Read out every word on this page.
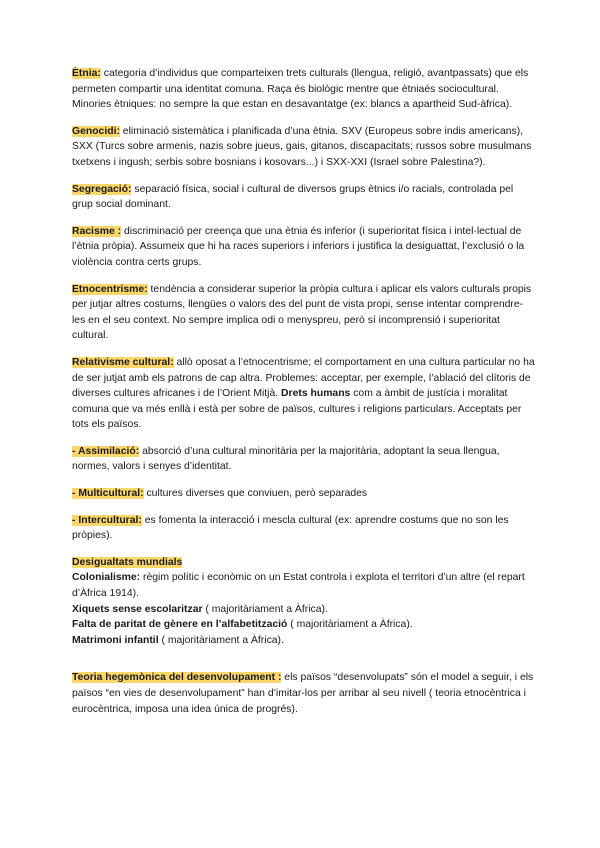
Ètnia: categoria d’individus que comparteixen trets culturals (llengua, religió, avantpassats) que els permeten compartir una identitat comuna. Raça és biològic mentre que ètniaés sociocultural.
Minories ètniques: no sempre la que estan en desavantatge (ex: blancs a apartheid Sud-àfrica).

Genocidi: eliminació sistemàtica i planificada d’una ètnia. SXV (Europeus sobre indis americans), SXX (Turcs sobre armenis, nazis sobre jueus, gais, gitanos, discapacitats; russos sobre musulmans txetxens i ingush; serbis sobre bosnians i kosovars...) i SXX-XXI (Israel sobre Palestina?).

Segregació: separació física, social i cultural de diversos grups ètnics i/o racials, controlada pel grup social dominant.

Racisme : discriminació per creença que una ètnia és inferior (i superioritat física i intel·lectual de l’ètnia pròpia). Assumeix que hi ha races superiors i inferiors i justifica la desiguattat, l’exclusió o la violència contra certs grups.

Etnocentrisme: tendència a considerar superior la pròpia cultura i aplicar els valors culturals propis per jutjar altres costums, llengües o valors des del punt de vista propi, sense intentar comprendre-les en el seu context. No sempre implica odi o menyspreu, però sí incomprensió i superioritat cultural.

Relativisme cultural: allò oposat a l’etnocentrisme; el comportament en una cultura particular no ha de ser jutjat amb els patrons de cap altra. Problemes: acceptar, per exemple, l’ablació del clítoris de diverses cultures africanes i de l’Orient Mitjà. Drets humans com a àmbit de justícia i moralitat comuna que va més enllà i està per sobre de països, cultures i religions particulars. Acceptats per tots els països.

- Assimilació: absorció d’una cultural minoritària per la majoritària, adoptant la seua llengua, normes, valors i senyes d’identitat.

- Multicultural: cultures diverses que conviuen, però separades

- Intercultural: es fomenta la interacció i mescla cultural (ex: aprendre costums que no son les pròpies).

Desigualtats mundials
Colonialisme: règim polític i econòmic on un Estat controla i explota el territori d’un altre (el repart d’Àfrica 1914).
Xiquets sense escolaritzar ( majoritàriament a Àfrica).
Falta de paritat de gènere en l’alfabetització ( majoritàriament a Àfrica).
Matrimoni infantil ( majoritàriament a Àfrica).

Teoria hegemònica del desenvolupament : els països “desenvolupats” són el model a seguir, i els països “en vies de desenvolupament” han d’imitar-los per arribar al seu nivell ( teoria etnocèntrica i eurocèntrica, imposa una idea única de progrés).
